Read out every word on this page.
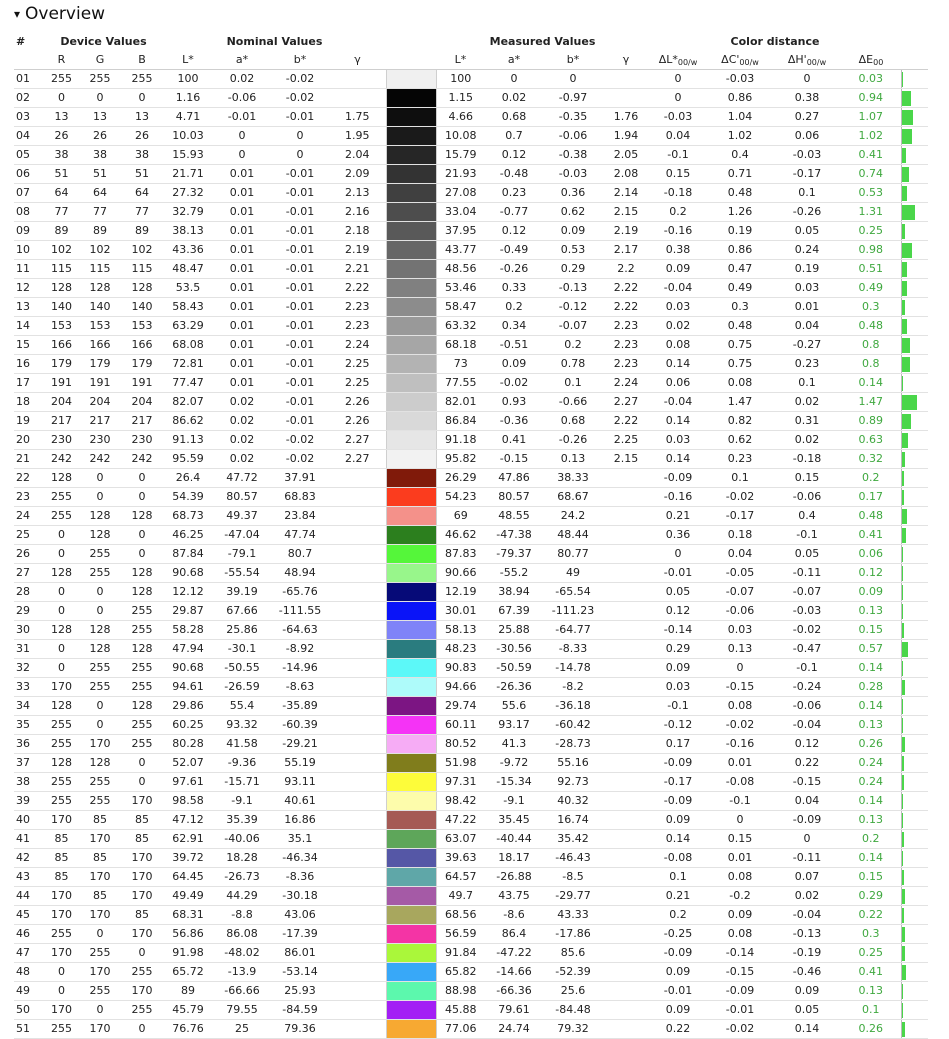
▾ Overview
#	Device Values			Nominal Values					Measured Values				Color distance				
	R	G	B	L*	a*	b*	γ		L*	a*	b*	γ	$\Delta L*_{00/w}$	$\Delta C'_{00/w}$	$\Delta H'_{00/w}$	$\Delta E_{00}$	
01	255	255	255	100	0.02	-0.02			100	0	0		0	-0.03	0	0.03	

02	0	0	0	1.16	-0.06	-0.02			1.15	0.02	-0.97		0	0.86	0.38	0.94	

03	13	13	13	4.71	-0.01	-0.01	1.75		4.66	0.68	-0.35	1.76	-0.03	1.04	0.27	1.07	

04	26	26	26	10.03	0	0	1.95		10.08	0.7	-0.06	1.94	0.04	1.02	0.06	1.02	

05	38	38	38	15.93	0	0	2.04		15.79	0.12	-0.38	2.05	-0.1	0.4	-0.03	0.41	

06	51	51	51	21.71	0.01	-0.01	2.09		21.93	-0.48	-0.03	2.08	0.15	0.71	-0.17	0.74	

07	64	64	64	27.32	0.01	-0.01	2.13		27.08	0.23	0.36	2.14	-0.18	0.48	0.1	0.53	

08	77	77	77	32.79	0.01	-0.01	2.16		33.04	-0.77	0.62	2.15	0.2	1.26	-0.26	1.31	

09	89	89	89	38.13	0.01	-0.01	2.18		37.95	0.12	0.09	2.19	-0.16	0.19	0.05	0.25	

10	102	102	102	43.36	0.01	-0.01	2.19		43.77	-0.49	0.53	2.17	0.38	0.86	0.24	0.98	

11	115	115	115	48.47	0.01	-0.01	2.21		48.56	-0.26	0.29	2.2	0.09	0.47	0.19	0.51	

12	128	128	128	53.5	0.01	-0.01	2.22		53.46	0.33	-0.13	2.22	-0.04	0.49	0.03	0.49	

13	140	140	140	58.43	0.01	-0.01	2.23		58.47	0.2	-0.12	2.22	0.03	0.3	0.01	0.3	

14	153	153	153	63.29	0.01	-0.01	2.23		63.32	0.34	-0.07	2.23	0.02	0.48	0.04	0.48	

15	166	166	166	68.08	0.01	-0.01	2.24		68.18	-0.51	0.2	2.23	0.08	0.75	-0.27	0.8	

16	179	179	179	72.81	0.01	-0.01	2.25		73	0.09	0.78	2.23	0.14	0.75	0.23	0.8	

17	191	191	191	77.47	0.01	-0.01	2.25		77.55	-0.02	0.1	2.24	0.06	0.08	0.1	0.14	

18	204	204	204	82.07	0.02	-0.01	2.26		82.01	0.93	-0.66	2.27	-0.04	1.47	0.02	1.47	

19	217	217	217	86.62	0.02	-0.01	2.26		86.84	-0.36	0.68	2.22	0.14	0.82	0.31	0.89	

20	230	230	230	91.13	0.02	-0.02	2.27		91.18	0.41	-0.26	2.25	0.03	0.62	0.02	0.63	

21	242	242	242	95.59	0.02	-0.02	2.27		95.82	-0.15	0.13	2.15	0.14	0.23	-0.18	0.32	

22	128	0	0	26.4	47.72	37.91			26.29	47.86	38.33		-0.09	0.1	0.15	0.2	

23	255	0	0	54.39	80.57	68.83			54.23	80.57	68.67		-0.16	-0.02	-0.06	0.17	

24	255	128	128	68.73	49.37	23.84			69	48.55	24.2		0.21	-0.17	0.4	0.48	

25	0	128	0	46.25	-47.04	47.74			46.62	-47.38	48.44		0.36	0.18	-0.1	0.41	

26	0	255	0	87.84	-79.1	80.7			87.83	-79.37	80.77		0	0.04	0.05	0.06	

27	128	255	128	90.68	-55.54	48.94			90.66	-55.2	49		-0.01	-0.05	-0.11	0.12	

28	0	0	128	12.12	39.19	-65.76			12.19	38.94	-65.54		0.05	-0.07	-0.07	0.09	

29	0	0	255	29.87	67.66	-111.55			30.01	67.39	-111.23		0.12	-0.06	-0.03	0.13	

30	128	128	255	58.28	25.86	-64.63			58.13	25.88	-64.77		-0.14	0.03	-0.02	0.15	

31	0	128	128	47.94	-30.1	-8.92			48.23	-30.56	-8.33		0.29	0.13	-0.47	0.57	

32	0	255	255	90.68	-50.55	-14.96			90.83	-50.59	-14.78		0.09	0	-0.1	0.14	

33	170	255	255	94.61	-26.59	-8.63			94.66	-26.36	-8.2		0.03	-0.15	-0.24	0.28	

34	128	0	128	29.86	55.4	-35.89			29.74	55.6	-36.18		-0.1	0.08	-0.06	0.14	

35	255	0	255	60.25	93.32	-60.39			60.11	93.17	-60.42		-0.12	-0.02	-0.04	0.13	

36	255	170	255	80.28	41.58	-29.21			80.52	41.3	-28.73		0.17	-0.16	0.12	0.26	

37	128	128	0	52.07	-9.36	55.19			51.98	-9.72	55.16		-0.09	0.01	0.22	0.24	

38	255	255	0	97.61	-15.71	93.11			97.31	-15.34	92.73		-0.17	-0.08	-0.15	0.24	

39	255	255	170	98.58	-9.1	40.61			98.42	-9.1	40.32		-0.09	-0.1	0.04	0.14	

40	170	85	85	47.12	35.39	16.86			47.22	35.45	16.74		0.09	0	-0.09	0.13	

41	85	170	85	62.91	-40.06	35.1			63.07	-40.44	35.42		0.14	0.15	0	0.2	

42	85	85	170	39.72	18.28	-46.34			39.63	18.17	-46.43		-0.08	0.01	-0.11	0.14	

43	85	170	170	64.45	-26.73	-8.36			64.57	-26.88	-8.5		0.1	0.08	0.07	0.15	

44	170	85	170	49.49	44.29	-30.18			49.7	43.75	-29.77		0.21	-0.2	0.02	0.29	

45	170	170	85	68.31	-8.8	43.06			68.56	-8.6	43.33		0.2	0.09	-0.04	0.22	

46	255	0	170	56.86	86.08	-17.39			56.59	86.4	-17.86		-0.25	0.08	-0.13	0.3	

47	170	255	0	91.98	-48.02	86.01			91.84	-47.22	85.6		-0.09	-0.14	-0.19	0.25	

48	0	170	255	65.72	-13.9	-53.14			65.82	-14.66	-52.39		0.09	-0.15	-0.46	0.41	

49	0	255	170	89	-66.66	25.93			88.98	-66.36	25.6		-0.01	-0.09	0.09	0.13	

50	170	0	255	45.79	79.55	-84.59			45.88	79.61	-84.48		0.09	-0.01	0.05	0.1	

51	255	170	0	76.76	25	79.36			77.06	24.74	79.32		0.22	-0.02	0.14	0.26	
